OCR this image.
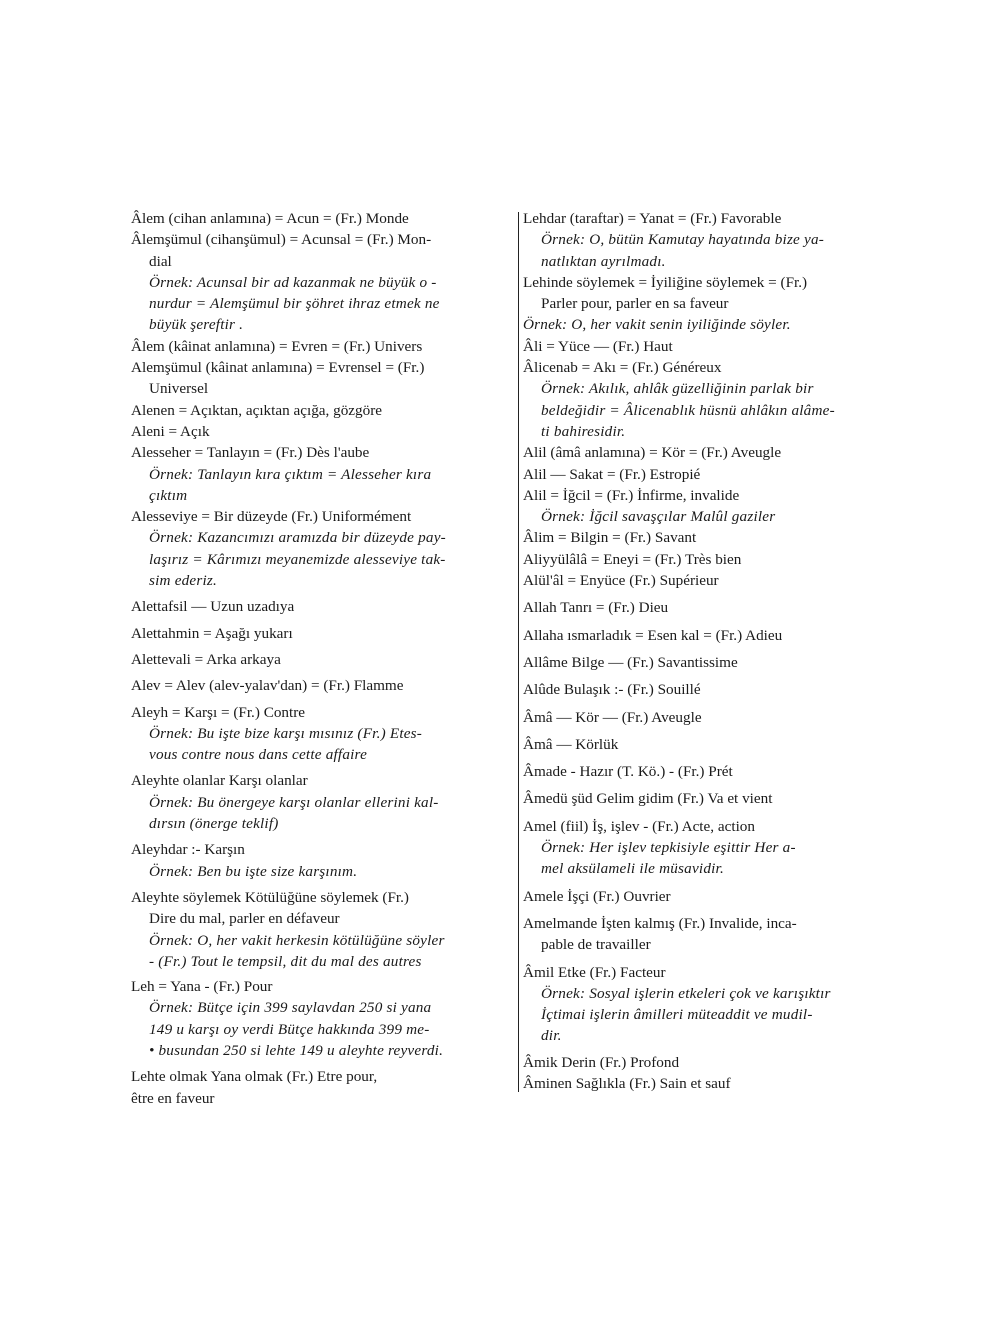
Âlem (cihan anlamına) = Acun = (Fr.) Monde
Âlemşümul (cihanşümul) = Acunsal = (Fr.) Mon-
dial
Örnek: Acunsal bir ad kazanmak ne büyük o -
nurdur = Alemşümul bir şöhret ihraz etmek ne
büyük şereftir .
Âlem (kâinat anlamına) = Evren = (Fr.) Univers
Alemşümul (kâinat anlamına) = Evrensel = (Fr.)
Universel
Alenen = Açıktan, açıktan açığa, gözgöre
Aleni = Açık
Alesseher = Tanlayın = (Fr.) Dès l'aube
Örnek: Tanlayın kıra çıktım = Alesseher kıra
çıktım
Alesseviye = Bir düzeyde (Fr.) Uniformément
Örnek: Kazancımızı aramızda bir düzeyde pay-
laşırız = Kârımızı meyanemizde alesseviye tak-
sim ederiz.
Alettafsil — Uzun uzadıya
Alettahmin = Aşağı yukarı
Alettevali = Arka arkaya
Alev = Alev (alev-yalav'dan) = (Fr.) Flamme
Aleyh = Karşı = (Fr.) Contre
Örnek: Bu işte bize karşı mısınız (Fr.) Etes-
vous contre nous dans cette affaire
Aleyhte olanlar Karşı olanlar
Örnek: Bu önergeye karşı olanlar ellerini kal-
dırsın (önerge teklif)
Aleyhdar :- Karşın
Örnek: Ben bu işte size karşınım.
Aleyhte söylemek Kötülüğüne söylemek (Fr.)
Dire du mal, parler en défaveur
Örnek: O, her vakit herkesin kötülüğüne söyler
- (Fr.) Tout le tempsil, dit du mal des autres
Leh = Yana - (Fr.) Pour
Örnek: Bütçe için 399 saylavdan 250 si yana
149 u karşı oy verdi Bütçe hakkında 399 me-
• busundan 250 si lehte 149 u aleyhte reyverdi.
Lehte olmak Yana olmak (Fr.) Etre pour,
être en faveur
Lehdar (taraftar) = Yanat = (Fr.) Favorable
Örnek: O, bütün Kamutay hayatında bize ya-
natlıktan ayrılmadı.
Lehinde söylemek = İyiliğine söylemek = (Fr.)
Parler pour, parler en sa faveur
Örnek: O, her vakit senin iyiliğinde söyler.
Âli = Yüce — (Fr.) Haut
Âlicenab = Akı = (Fr.) Généreux
Örnek: Akılık, ahlâk güzelliğinin parlak bir
beldeğidir = Âlicenablık hüsnü ahlâkın alâme-
ti bahiresidir.
Alil (âmâ anlamına) = Kör = (Fr.) Aveugle
Alil — Sakat = (Fr.) Estropié
Alil = İğcil = (Fr.) İnfirme, invalide
Örnek: İğcil savaşçılar Malûl gaziler
Âlim = Bilgin = (Fr.) Savant
Aliyyülâlâ = Eneyi = (Fr.) Très bien
Alül'âl = Enyüce (Fr.) Supérieur
Allah Tanrı = (Fr.) Dieu
Allaha ısmarladık = Esen kal = (Fr.) Adieu
Allâme Bilge — (Fr.) Savantissime
Alûde Bulaşık :- (Fr.) Souillé
Âmâ — Kör — (Fr.) Aveugle
Âmâ — Körlük
Âmade - Hazır (T. Kö.) - (Fr.) Prét
Âmedü şüd Gelim gidim (Fr.) Va et vient
Amel (fiil) İş, işlev - (Fr.) Acte, action
Örnek: Her işlev tepkisiyle eşittir Her a-
mel aksülameli ile müsavidir.
Amele İşçi (Fr.) Ouvrier
Amelmande İşten kalmış (Fr.) Invalide, inca-
pable de travailler
Âmil Etke (Fr.) Facteur
Örnek: Sosyal işlerin etkeleri çok ve karışıktır
İçtimai işlerin âmilleri müteaddit ve mudil-
dir.
Âmik Derin (Fr.) Profond
Âminen Sağlıkla (Fr.) Sain et sauf
